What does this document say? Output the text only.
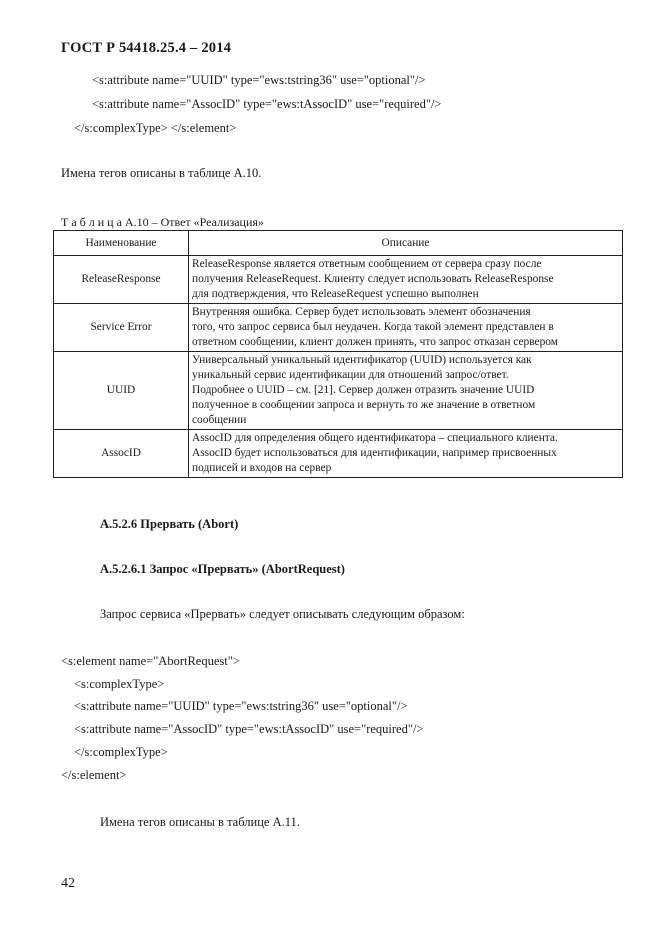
ГОСТ Р 54418.25.4 – 2014
<s:attribute name="UUID" type="ews:tstring36" use="optional"/>
<s:attribute name="AssocID" type="ews:tAssocID" use="required"/>
</s:complexType> </s:element>
Имена тегов описаны в таблице А.10.
Т а б л и ц а А.10 – Ответ «Реализация»
Наименование	Описание
ReleaseResponse	ReleaseResponse является ответным сообщением от сервера сразу после
получения ReleaseRequest. Клиенту следует использовать ReleaseResponse
для подтверждения, что ReleaseRequest успешно выполнен

Service Error	Внутренняя ошибка. Сервер будет использовать элемент обозначения
того, что запрос сервиса был неудачен. Когда такой элемент представлен в
ответном сообщении, клиент должен принять, что запрос отказан сервером

UUID	Универсальный уникальный идентификатор (UUID) используется как
уникальный сервис идентификации для отношений запрос/ответ.
Подробнее о UUID – см. [21]. Сервер должен отразить значение UUID
полученное в сообщении запроса и вернуть то же значение в ответном
сообщении

AssocID	AssocID для определения общего идентификатора – специального клиента.
AssocID будет использоваться для идентификации, например присвоенных
подписей и входов на сервер
А.5.2.6 Прервать (Abort)
А.5.2.6.1 Запрос «Прервать» (AbortRequest)
Запрос сервиса «Прервать» следует описывать следующим образом:
<s:element name="AbortRequest">
<s:complexType>
<s:attribute name="UUID" type="ews:tstring36" use="optional"/>
<s:attribute name="AssocID" type="ews:tAssocID" use="required"/>
</s:complexType>
</s:element>
Имена тегов описаны в таблице А.11.
42
